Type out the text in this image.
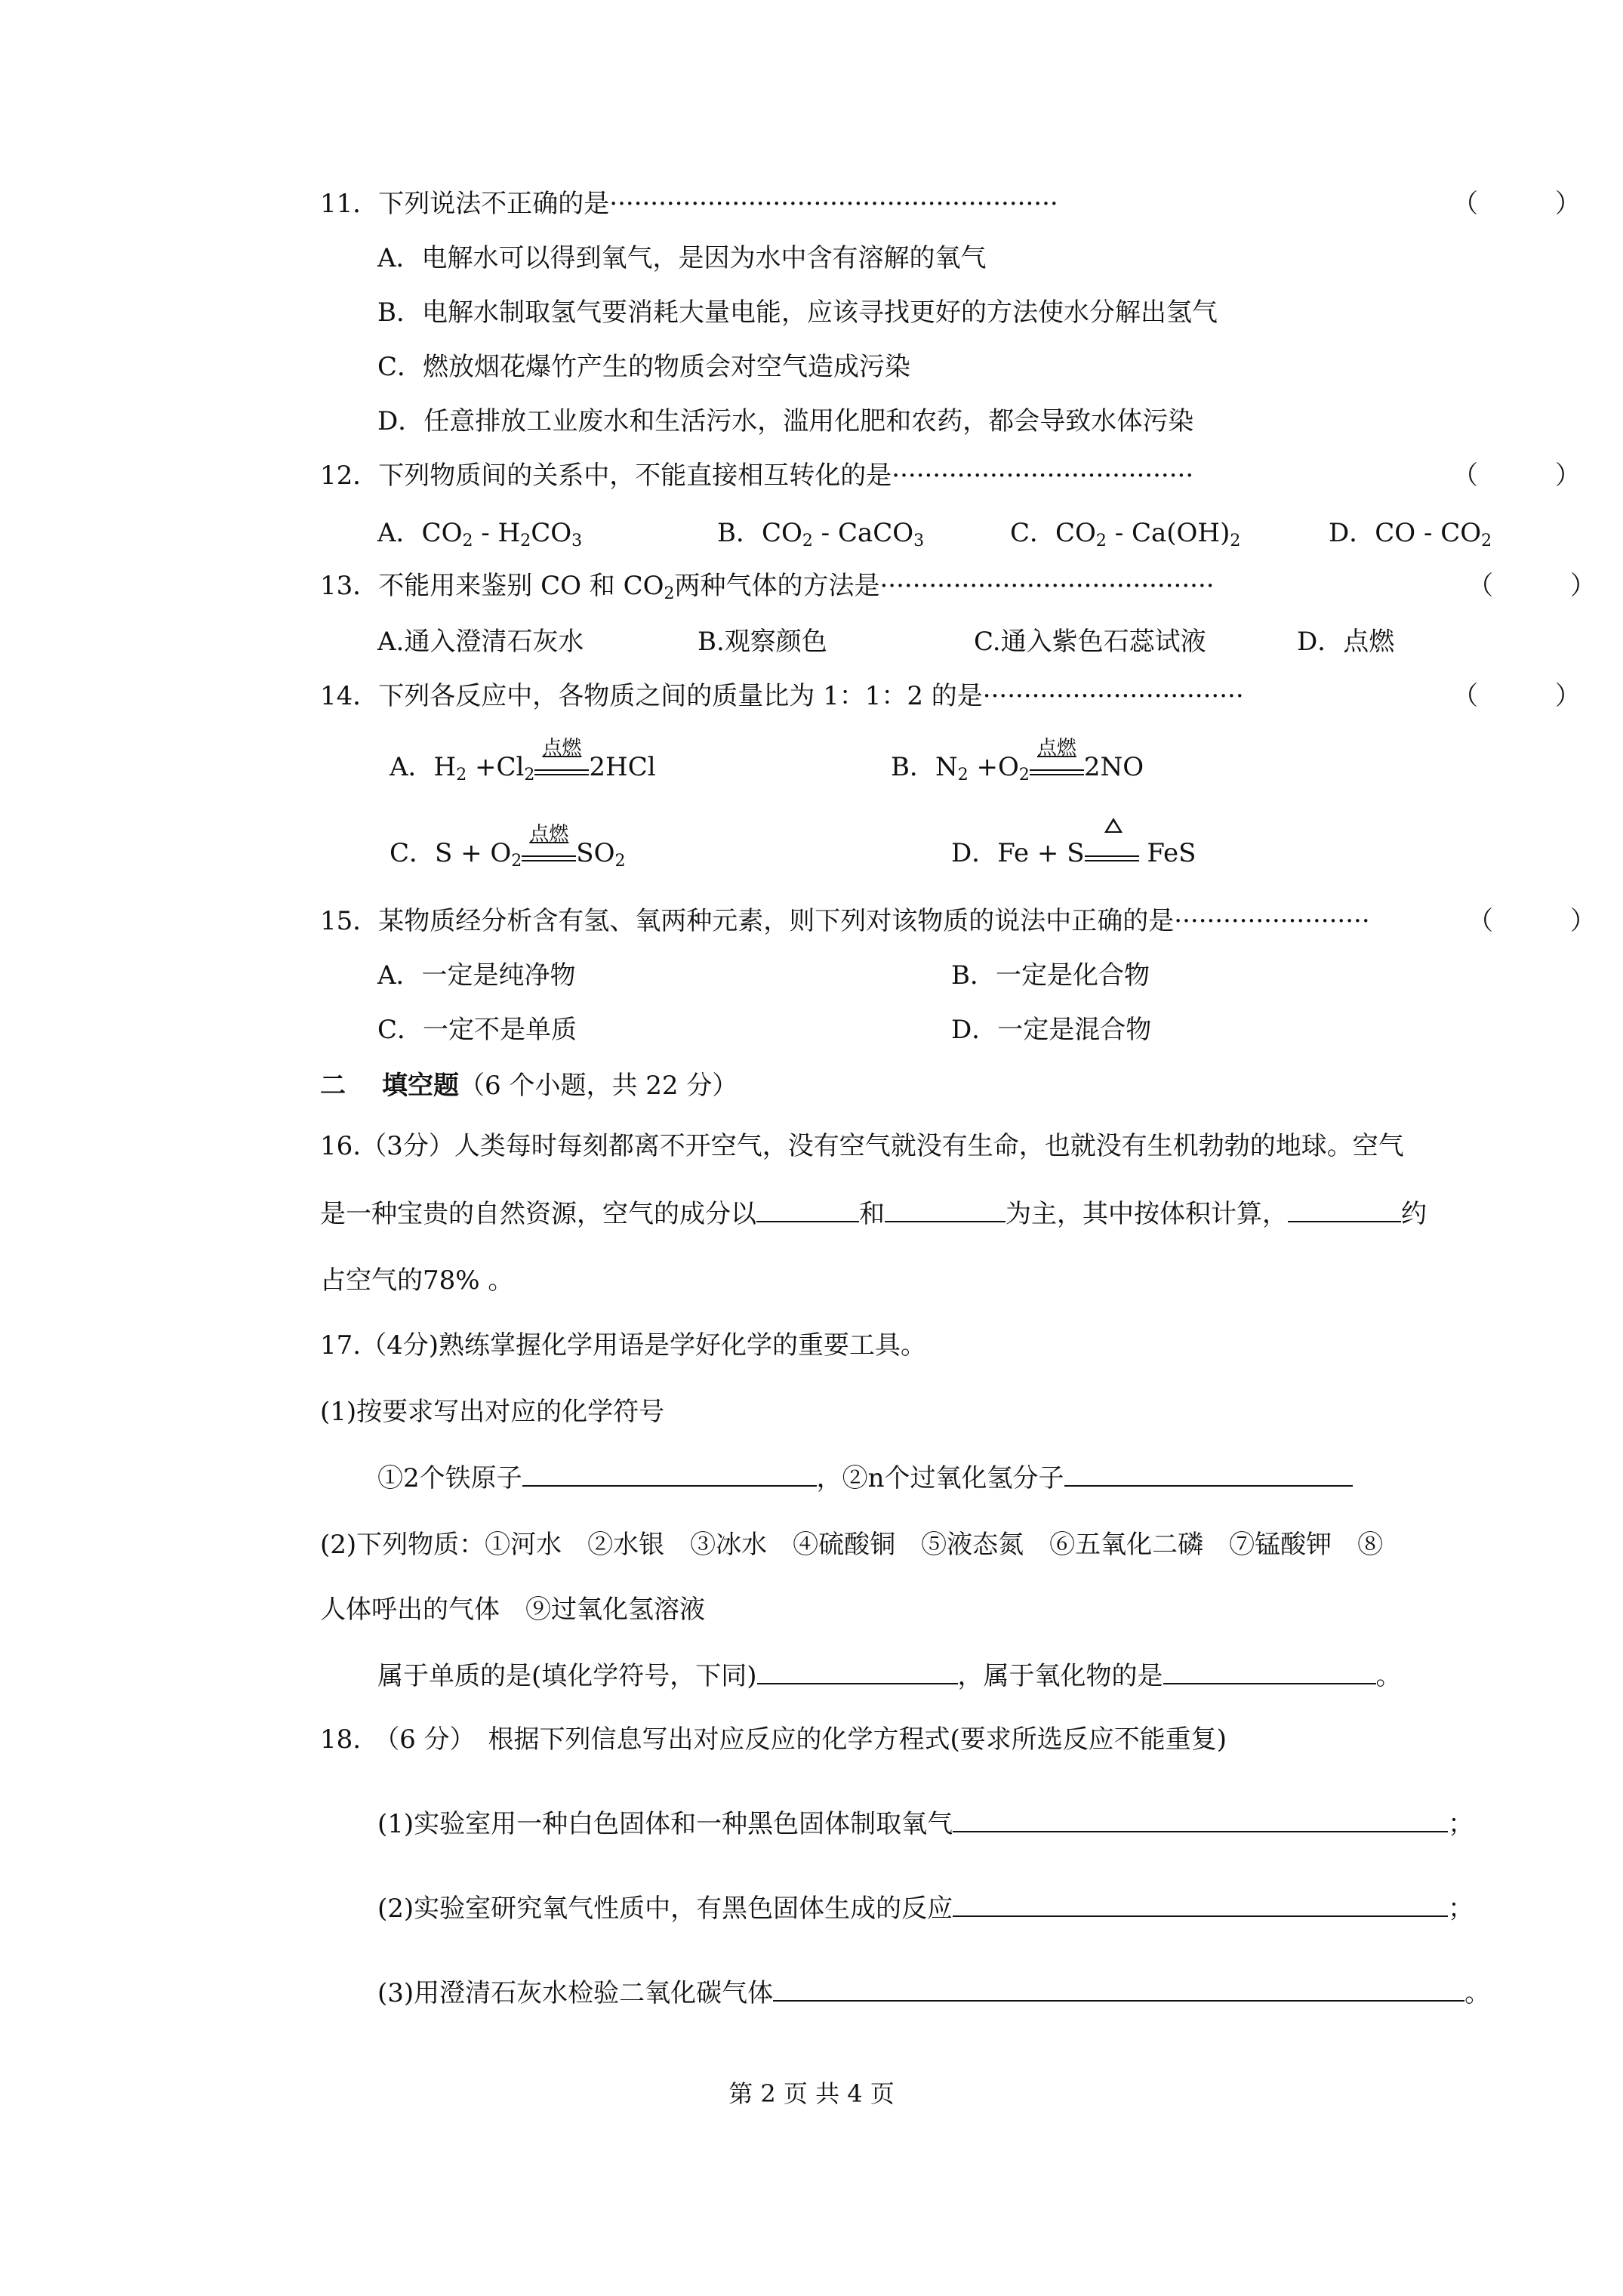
11．下列说法不正确的是·······················································	（　　　）
A．电解水可以得到氧气，是因为水中含有溶解的氧气
B．电解水制取氢气要消耗大量电能，应该寻找更好的方法使水分解出氢气
C．燃放烟花爆竹产生的物质会对空气造成污染
D．任意排放工业废水和生活污水，滥用化肥和农药，都会导致水体污染
12．下列物质间的关系中，不能直接相互转化的是·····································	（　　　）
A．$CO_2 - H_2CO_3$	B．$CO_2$ - CaCO$_3$	C．$CO_2 - Ca(OH)_2$	D．CO - $CO_2$
13．不能用来鉴别 CO 和 $CO_2$两种气体的方法是·········································	（　　　）
A.通入澄清石灰水	B.观察颜色	C.通入紫色石蕊试液	D．点燃
14．下列各反应中，各物质之间的质量比为 1：1：2 的是································	（　　　）
A．$H_2 +Cl_2$
点燃
2HCl	B．$N_2 +O_2$
点燃
2NO
C．$S + O_2$
点燃
$SO_2$	D．Fe + S
FeS
15．某物质经分析含有氢、氧两种元素，则下列对该物质的说法中正确的是························	（　　　）
A．一定是纯净物	B．一定是化合物
C．一定不是单质	D．一定是混合物
二 填空题（6 个小题，共 22 分）
16.（3分）人类每时每刻都离不开空气，没有空气就没有生命，也就没有生机勃勃的地球。空气
是一种宝贵的自然资源，空气的成分以	和	为主，其中按体积计算，	约
占空气的78% 。
17.（4分)熟练掌握化学用语是学好化学的重要工具。
(1)按要求写出对应的化学符号
①2个铁原子	，②n个过氧化氢分子
(2)下列物质：①河水　②水银　③冰水　④硫酸铜　⑤液态氮　⑥五氧化二磷　⑦锰酸钾　⑧
人体呼出的气体　⑨过氧化氢溶液
属于单质的是(填化学符号，下同)	，属于氧化物的是	。
18.　（6 分）　根据下列信息写出对应反应的化学方程式(要求所选反应不能重复)
(1)实验室用一种白色固体和一种黑色固体制取氧气	；
(2)实验室研究氧气性质中，有黑色固体生成的反应	；
(3)用澄清石灰水检验二氧化碳气体	。
第 2 页 共 4 页
